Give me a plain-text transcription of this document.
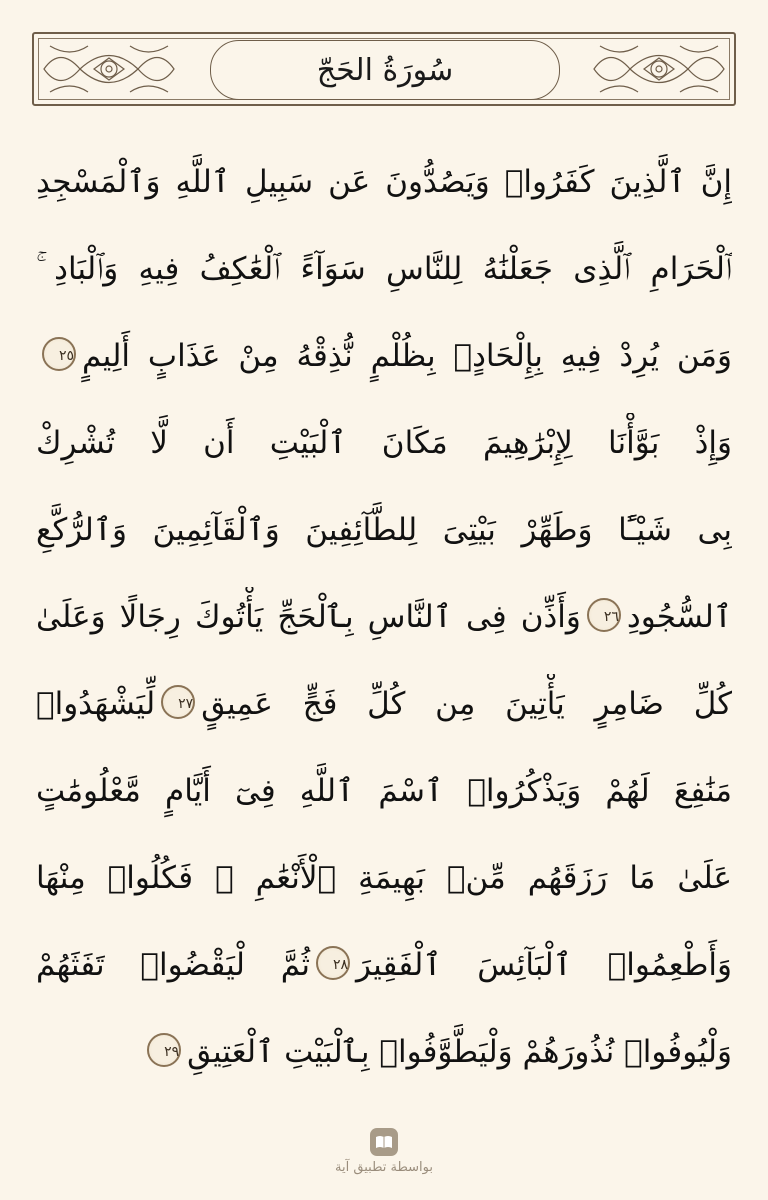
سُورَةُ الحَجّ
إِنَّ ٱلَّذِينَ كَفَرُوا۟ وَيَصُدُّونَ عَن سَبِيلِ ٱللَّهِ وَٱلْمَسْجِدِ
ٱلْحَرَامِ ٱلَّذِى جَعَلْنَٰهُ لِلنَّاسِ سَوَآءً ٱلْعَٰكِفُ فِيهِ وَٱلْبَادِ ۚ
وَمَن يُرِدْ فِيهِ بِإِلْحَادٍۭ بِظُلْمٍ نُّذِقْهُ مِنْ عَذَابٍ أَلِيمٍ٢٥
وَإِذْ بَوَّأْنَا لِإِبْرَٰهِيمَ مَكَانَ ٱلْبَيْتِ أَن لَّا تُشْرِكْ
بِى شَيْـًٔا وَطَهِّرْ بَيْتِىَ لِلطَّآئِفِينَ وَٱلْقَآئِمِينَ وَٱلرُّكَّعِ
ٱلسُّجُودِ٢٦وَأَذِّن فِى ٱلنَّاسِ بِٱلْحَجِّ يَأْتُوكَ رِجَالًا وَعَلَىٰ
كُلِّ ضَامِرٍ يَأْتِينَ مِن كُلِّ فَجٍّ عَمِيقٍ٢٧لِّيَشْهَدُوا۟
مَنَٰفِعَ لَهُمْ وَيَذْكُرُوا۟ ٱسْمَ ٱللَّهِ فِىٓ أَيَّامٍ مَّعْلُومَٰتٍ
عَلَىٰ مَا رَزَقَهُم مِّنۢ بَهِيمَةِ ٱلْأَنْعَٰمِ ۖ فَكُلُوا۟ مِنْهَا
وَأَطْعِمُوا۟ ٱلْبَآئِسَ ٱلْفَقِيرَ٢٨ثُمَّ لْيَقْضُوا۟ تَفَثَهُمْ
وَلْيُوفُوا۟ نُذُورَهُمْ وَلْيَطَّوَّفُوا۟ بِٱلْبَيْتِ ٱلْعَتِيقِ٢٩
بواسطة تطبيق آية
